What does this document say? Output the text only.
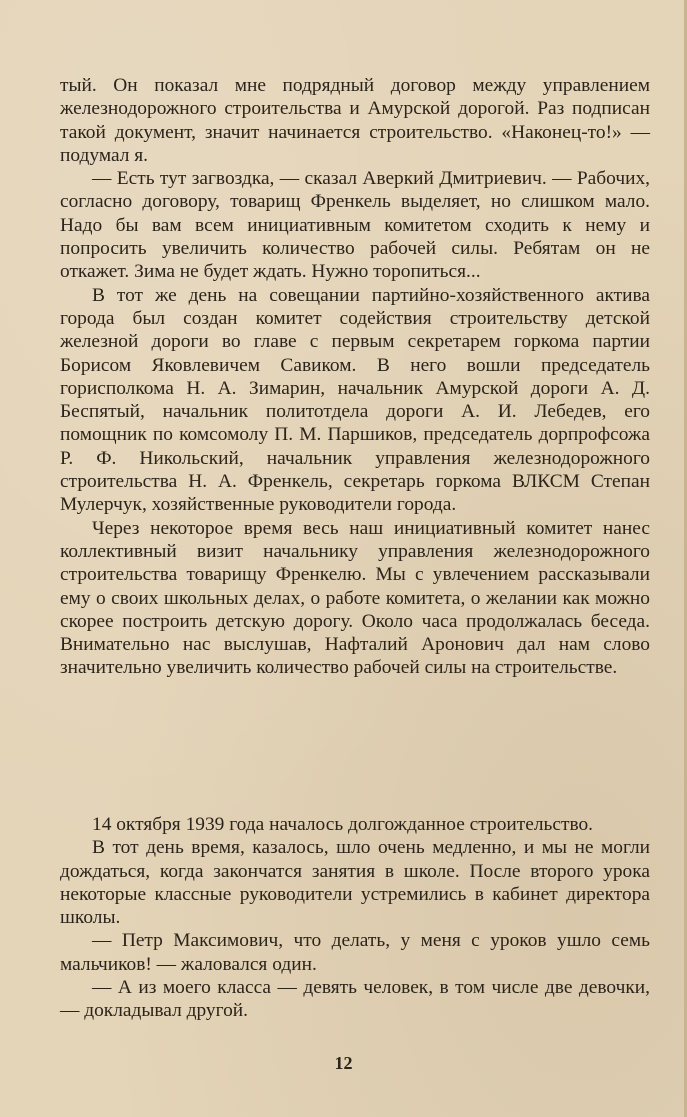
тый. Он показал мне подрядный договор между управлением железнодорожного строительства и Амурской дорогой. Раз подписан такой документ, значит начинается строительство. «Наконец-то!» — подумал я.

— Есть тут загвоздка, — сказал Аверкий Дмитриевич. — Рабочих, согласно договору, товарищ Френкель выделяет, но слишком мало. Надо бы вам всем инициативным комитетом сходить к нему и попросить увеличить количество рабочей силы. Ребятам он не откажет. Зима не будет ждать. Нужно торопиться...

В тот же день на совещании партийно-хозяйственного актива города был создан комитет содействия строительству детской железной дороги во главе с первым секретарем горкома партии Борисом Яковлевичем Савиком. В него вошли председатель горисполкома Н. А. Зимарин, начальник Амурской дороги А. Д. Беспятый, начальник политотдела дороги А. И. Лебедев, его помощник по комсомолу П. М. Паршиков, председатель дорпрофсожа Р. Ф. Никольский, начальник управления железнодорожного строительства Н. А. Френкель, секретарь горкома ВЛКСМ Степан Мулерчук, хозяйственные руководители города.

Через некоторое время весь наш инициативный комитет нанес коллективный визит начальнику управления железнодорожного строительства товарищу Френкелю. Мы с увлечением рассказывали ему о своих школьных делах, о работе комитета, о желании как можно скорее построить детскую дорогу. Около часа продолжалась беседа. Внимательно нас выслушав, Нафталий Аронович дал нам слово значительно увеличить количество рабочей силы на строительстве.

14 октября 1939 года началось долгожданное строительство.

В тот день время, казалось, шло очень медленно, и мы не могли дождаться, когда закончатся занятия в школе. После второго урока некоторые классные руководители устремились в кабинет директора школы.

— Петр Максимович, что делать, у меня с уроков ушло семь мальчиков! — жаловался один.

— А из моего класса — девять человек, в том числе две девочки, — докладывал другой.

12
